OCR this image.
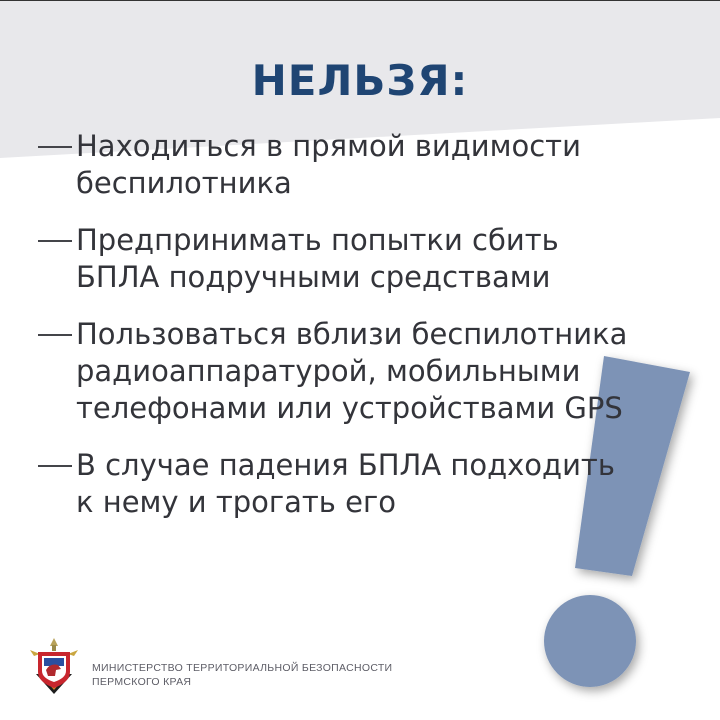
НЕЛЬЗЯ:
Находиться в прямой видимости
беспилотника
Предпринимать попытки сбить
БПЛА подручными средствами
Пользоваться вблизи беспилотника
радиоаппаратурой, мобильными
телефонами или устройствами GPS
В случае падения БПЛА подходить
к нему и трогать его
МИНИСТЕРСТВО ТЕРРИТОРИАЛЬНОЙ БЕЗОПАСНОСТИ
ПЕРМСКОГО КРАЯ
